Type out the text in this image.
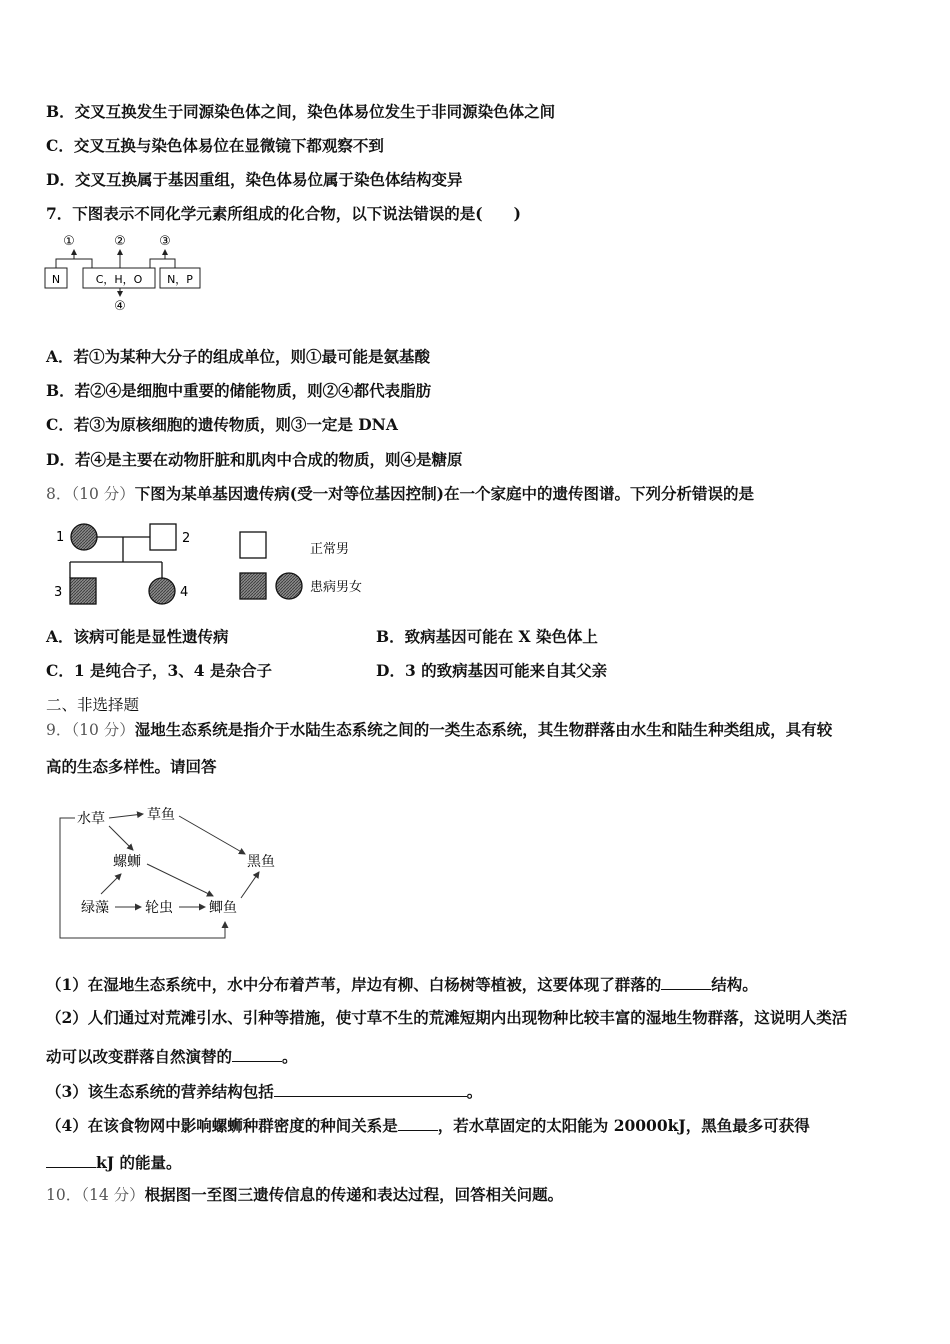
B．交叉互换发生于同源染色体之间，染色体易位发生于非同源染色体之间
C．交叉互换与染色体易位在显微镜下都观察不到
D．交叉互换属于基因重组，染色体易位属于染色体结构变异
7．下图表示不同化学元素所组成的化合物，以下说法错误的是(　　)
①	②	③
④
N	C，H，O N，P
A．若①为某种大分子的组成单位，则①最可能是氨基酸
B．若②④是细胞中重要的储能物质，则②④都代表脂肪
C．若③为原核细胞的遗传物质，则③一定是 DNA
D．若④是主要在动物肝脏和肌肉中合成的物质，则④是糖原
8．（10 分）下图为某单基因遗传病(受一对等位基因控制)在一个家庭中的遗传图谱。下列分析错误的是
1	2
3	4
正常男
患病男女
A．该病可能是显性遗传病	B．致病基因可能在 X 染色体上
C．1 是纯合子，3、4 是杂合子	D．3 的致病基因可能来自其父亲
二、非选择题
9．（10 分）湿地生态系统是指介于水陆生态系统之间的一类生态系统，其生物群落由水生和陆生种类组成，具有较
高的生态多样性。请回答
水草	草鱼
螺蛳	黑鱼
绿藻	轮虫	鲫鱼
（1）在湿地生态系统中，水中分布着芦苇，岸边有柳、白杨树等植被，这要体现了群落的	结构。
（2）人们通过对荒滩引水、引种等措施，使寸草不生的荒滩短期内出现物种比较丰富的湿地生物群落，这说明人类活
动可以改变群落自然演替的	。
（3）该生态系统的营养结构包括	。
（4）在该食物网中影响螺蛳种群密度的种间关系是	，若水草固定的太阳能为 20000kJ，黑鱼最多可获得
kJ 的能量。
10．（14 分）根据图一至图三遗传信息的传递和表达过程，回答相关问题。
